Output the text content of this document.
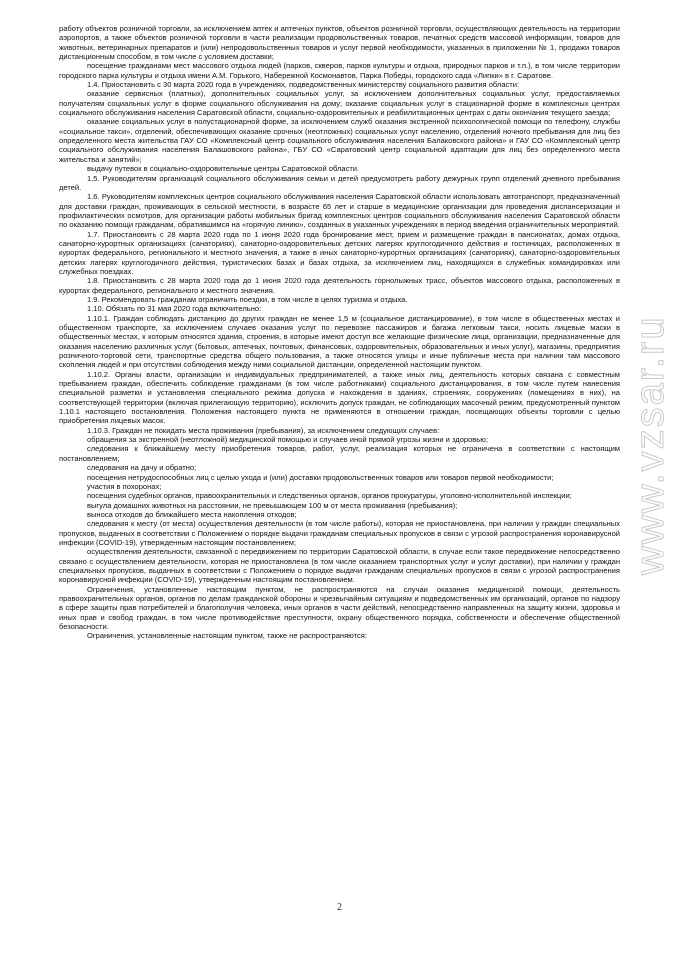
работу объектов розничной торговли, за исключением аптек и аптечных пунктов, объектов розничной торговли, осуществляющих деятельность на территории аэропортов, а также объектов розничной торговли в части реализации продовольственных товаров, печатных средств массовой информации, товаров для животных, ветеринарных препаратов и (или) непродовольственных товаров и услуг первой необходимости, указанных в приложении № 1, продажи товаров дистанционным способом, в том числе с условием доставки;

посещение гражданами мест массового отдыха людей (парков, скверов, парков культуры и отдыха, природных парков и т.п.), в том числе территории городского парка культуры и отдыха имени А.М. Горького, Набережной Космонавтов, Парка Победы, городского сада «Липки» в г. Саратове.

1.4. Приостановить с 30 марта 2020 года в учреждениях, подведомственных министерству социального развития области:

оказание сервисных (платных), дополнительных социальных услуг, за исключением дополнительных социальных услуг, предоставляемых получателям социальных услуг в форме социального обслуживания на дому; оказание социальных услуг в стационарной форме в комплексных центрах социального обслуживания населения Саратовской области, социально-оздоровительных и реабилитационных центрах с даты окончания текущего заезда;

оказание социальных услуг в полустационарной форме, за исключением служб оказания экстренной психологической помощи по телефону, службы «социальное такси», отделений, обеспечивающих оказание срочных (неотложных) социальных услуг населению, отделений ночного пребывания для лиц без определенного места жительства ГАУ СО «Комплексный центр социального обслуживания населения Балаковского района» и ГАУ СО «Комплексный центр социального обслуживания населения Балашовского района», ГБУ СО «Саратовский центр социальной адаптации для лиц без определенного места жительства и занятий»;

выдачу путевок в социально-оздоровительные центры Саратовской области.

1.5. Руководителям организаций социального обслуживания семьи и детей предусмотреть работу дежурных групп отделений дневного пребывания детей.

1.6. Руководителям комплексных центров социального обслуживания населения Саратовской области использовать автотранспорт, предназначенный для доставки граждан, проживающих в сельской местности, в возрасте 65 лет и старше в медицинские организации для проведения диспансеризации и профилактических осмотров, для организации работы мобильных бригад комплексных центров социального обслуживания населения Саратовской области по оказанию помощи гражданам, обратившимся на «горячую линию», созданных в указанных учреждениях в период введения ограничительных мероприятий.

1.7. Приостановить с 28 марта 2020 года по 1 июня 2020 года бронирование мест, прием и размещение граждан в пансионатах, домах отдыха, санаторно-курортных организациях (санаториях), санаторно-оздоровительных детских лагерях круглогодичного действия и гостиницах, расположенных в курортах федерального, регионального и местного значения, а также в иных санаторно-курортных организациях (санаториях), санаторно-оздоровительных детских лагерях круглогодичного действия, туристических базах и базах отдыха, за исключением лиц, находящихся в служебных командировках или служебных поездках.

1.8. Приостановить с 28 марта 2020 года до 1 июня 2020 года деятельность горнолыжных трасс, объектов массового отдыха, расположенных в курортах федерального, регионального и местного значения.

1.9. Рекомендовать гражданам ограничить поездки, в том числе в целях туризма и отдыха.

1.10. Обязать по 31 мая 2020 года включительно:

1.10.1. Граждан соблюдать дистанцию до других граждан не менее 1,5 м (социальное дистанцирование), в том числе в общественных местах и общественном транспорте, за исключением случаев оказания услуг по перевозке пассажиров и багажа легковым такси, носить лицевые маски в общественных местах, к которым относятся здания, строения, в которые имеют доступ все желающие физические лица, организации, предназначенные для оказания населению различных услуг (бытовых, аптечных, почтовых, финансовых, оздоровительных, образовательных и иных услуг), магазины, предприятия розничного-торговой сети, транспортные средства общего пользования, а также относятся улицы и иные публичные места при наличии там массового скопления людей и при отсутствии соблюдения между ними социальной дистанции, определенной настоящим пунктом.

1.10.2. Органы власти, организации и индивидуальных предпринимателей, а также иных лиц, деятельность которых связана с совместным пребыванием граждан, обеспечить соблюдение гражданами (в том числе работниками) социального дистанцирования, в том числе путем нанесения специальной разметки и установления специального режима допуска и нахождения в зданиях, строениях, сооружениях (помещениях в них), на соответствующей территории (включая прилегающую территорию), исключить допуск граждан, не соблюдающих масочный режим, предусмотренный пунктом 1.10.1 настоящего постановления. Положения настоящего пункта не применяются в отношении граждан, посещающих объекты торговли с целью приобретения лицевых масок.

1.10.3. Граждан не покидать места проживания (пребывания), за исключением следующих случаев:

обращения за экстренной (неотложной) медицинской помощью и случаев иной прямой угрозы жизни и здоровью;

следования к ближайшему месту приобретения товаров, работ, услуг, реализация которых не ограничена в соответствии с настоящим постановлением;

следования на дачу и обратно;

посещения нетрудоспособных лиц с целью ухода и (или) доставки продовольственных товаров или товаров первой необходимости;

участия в похоронах;

посещения судебных органов, правоохранительных и следственных органов, органов прокуратуры, уголовно-исполнительной инспекции;

выгула домашних животных на расстоянии, не превышающем 100 м от места проживания (пребывания);

выноса отходов до ближайшего места накопления отходов;

следования к месту (от места) осуществления деятельности (в том числе работы), которая не приостановлена, при наличии у граждан специальных пропусков, выданных в соответствии с Положением о порядке выдачи гражданам специальных пропусков в связи с угрозой распространения коронавирусной инфекции (COVID-19), утвержденным настоящим постановлением;

осуществления деятельности, связанной с передвижением по территории Саратовской области, в случае если такое передвижение непосредственно связано с осуществлением деятельности, которая не приостановлена (в том числе оказанием транспортных услуг и услуг доставки), при наличии у граждан специальных пропусков, выданных в соответствии с Положением о порядке выдачи гражданам специальных пропусков в связи с угрозой распространения коронавирусной инфекции (COVID-19), утвержденным настоящим постановлением.

Ограничения, установленные настоящим пунктом, не распространяются на случаи оказания медицинской помощи, деятельность правоохранительных органов, органов по делам гражданской обороны и чрезвычайным ситуациям и подведомственных им организаций, органов по надзору в сфере защиты прав потребителей и благополучия человека, иных органов в части действий, непосредственно направленных на защиту жизни, здоровья и иных прав и свобод граждан, в том числе противодействие преступности, охрану общественного порядка, собственности и обеспечение общественной безопасности.

Ограничения, установленные настоящим пунктом, также не распространяются:

2
www.vzsar.ru
